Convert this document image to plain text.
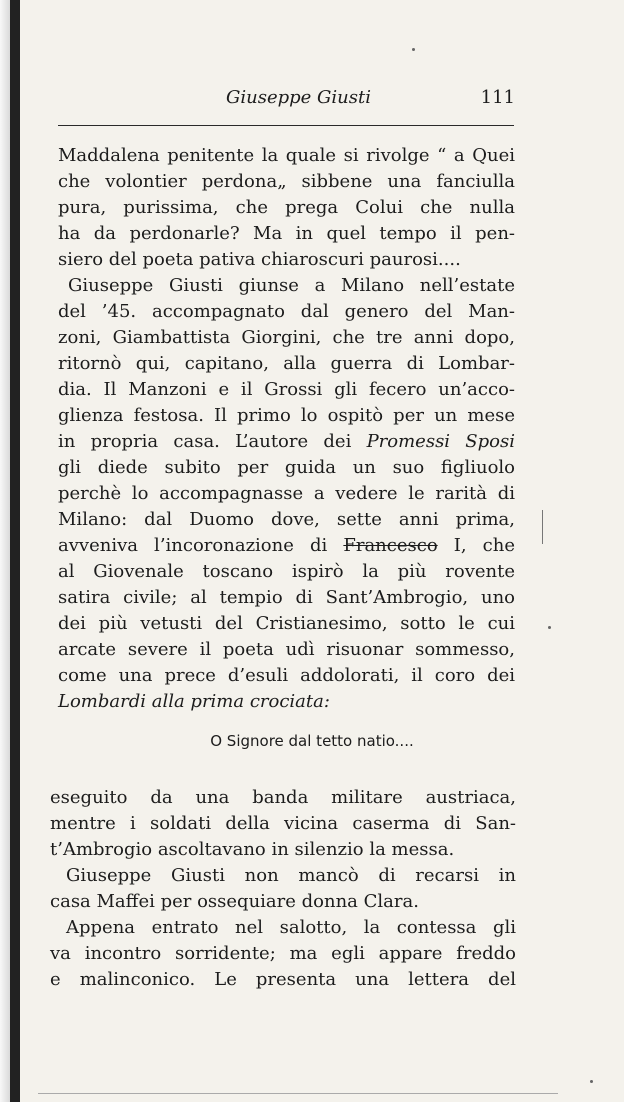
Giuseppe Giusti	111
Maddalena penitente la quale si rivolge “ a Quei
che volontier perdona„ sibbene una fanciulla
pura, purissima, che prega Colui che nulla
ha da perdonarle? Ma in quel tempo il pen-
siero del poeta pativa chiaroscuri paurosi....
Giuseppe Giusti giunse a Milano nell’estate
del ’45. accompagnato dal genero del Man-
zoni, Giambattista Giorgini, che tre anni dopo,
ritornò qui, capitano, alla guerra di Lombar-
dia. Il Manzoni e il Grossi gli fecero un’acco-
glienza festosa. Il primo lo ospitò per un mese
in propria casa. L’autore dei Promessi Sposi
gli diede subito per guida un suo figliuolo
perchè lo accompagnasse a vedere le rarità di
Milano: dal Duomo dove, sette anni prima,
avveniva l’incoronazione di Francesco I, che
al Giovenale toscano ispirò la più rovente
satira civile; al tempio di Sant’Ambrogio, uno
dei più vetusti del Cristianesimo, sotto le cui
arcate severe il poeta udì risuonar sommesso,
come una prece d’esuli addolorati, il coro dei
Lombardi alla prima crociata:
O Signore dal tetto natio....
eseguito da una banda militare austriaca,
mentre i soldati della vicina caserma di San-
t’Ambrogio ascoltavano in silenzio la messa.
Giuseppe Giusti non mancò di recarsi in
casa Maffei per ossequiare donna Clara.
Appena entrato nel salotto, la contessa gli
va incontro sorridente; ma egli appare freddo
e malinconico. Le presenta una lettera del
